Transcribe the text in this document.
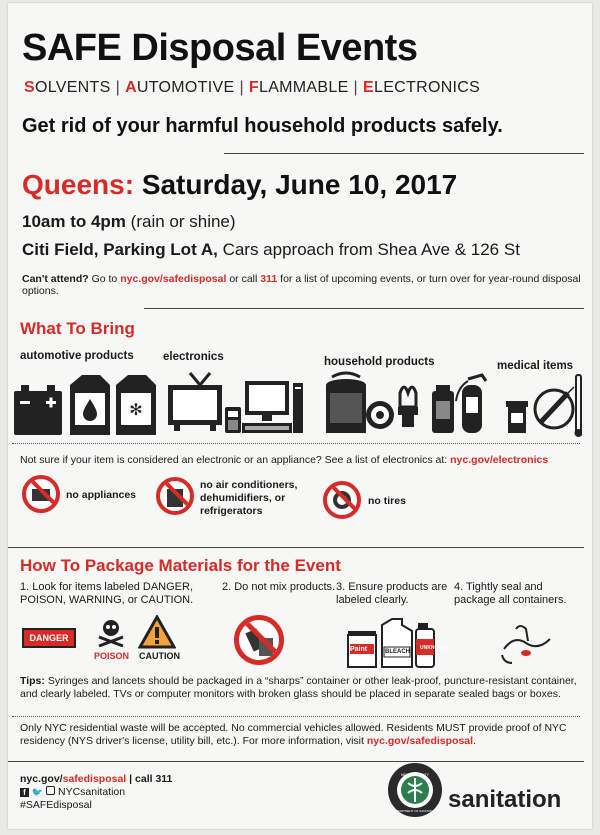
SAFE Disposal Events
SOLVENTS | AUTOMOTIVE | FLAMMABLE | ELECTRONICS
Get rid of your harmful household products safely.
Queens: Saturday, June 10, 2017
10am to 4pm (rain or shine)
Citi Field, Parking Lot A, Cars approach from Shea Ave & 126 St
Can't attend? Go to nyc.gov/safedisposal or call 311 for a list of upcoming events, or turn over for year-round disposal options.
What To Bring
automotive products	electronics	household products	medical items
✻
Not sure if your item is considered an electronic or an appliance? See a list of electronics at: nyc.gov/electronics
no appliances
no air conditioners, dehumidifiers, or refrigerators
no tires
How To Package Materials for the Event
1. Look for items labeled DANGER, POISON, WARNING, or CAUTION.
2. Do not mix products. 3. Ensure products are labeled clearly.
4. Tightly seal and package all containers.
DANGER
POISON CAUTION
Paint	BLEACH
UNKNOWN
Tips: Syringes and lancets should be packaged in a “sharps” container or other leak-proof, puncture-resistant container, and clearly labeled. TVs or computer monitors with broken glass should be placed in separate sealed bags or boxes.
Only NYC residential waste will be accepted. No commercial vehicles allowed. Residents MUST provide proof of NYC residency (NYS driver's license, utility bill, etc.). For more information, visit nyc.gov/safedisposal.
nyc.gov/safedisposal | call 311
f 🐦 NYCsanitation
#SAFEdisposal
NEW YORK CITY
DEPARTMENT OF SANITATION sanitation
